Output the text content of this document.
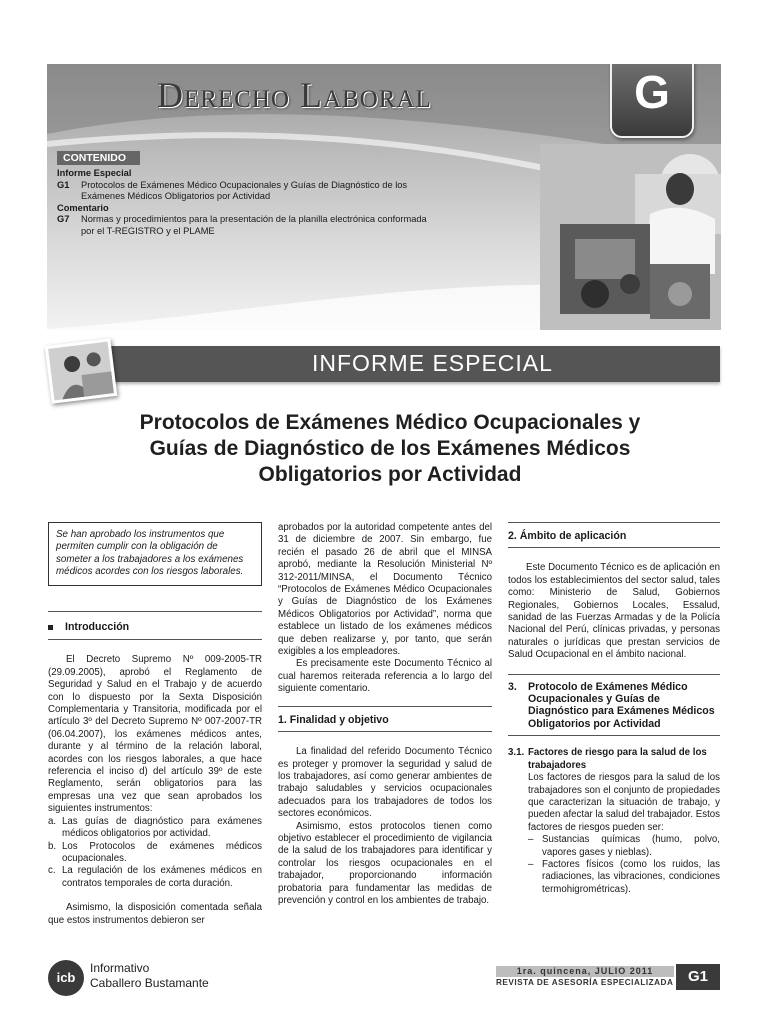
Derecho Laboral	G
CONTENIDO
Informe Especial
G1	Protocolos de Exámenes Médico Ocupacionales y Guías de Diagnóstico de los
Exámenes Médicos Obligatorios por Actividad
Comentario
G7	Normas y procedimientos para la presentación de la planilla electrónica conformada
por el T-REGISTRO y el PLAME
INFORME ESPECIAL
Protocolos de Exámenes Médico Ocupacionales y
Guías de Diagnóstico de los Exámenes Médicos
Obligatorios por Actividad
Se han aprobado los instrumentos que permiten cumplir con la obligación de someter a los trabajadores a los exámenes médicos acordes con los riesgos laborales.
Introducción

El Decreto Supremo Nº 009-2005-TR (29.09.2005), aprobó el Reglamento de Seguridad y Salud en el Trabajo y de acuerdo con lo dispuesto por la Sexta Disposición Complementaria y Transitoria, modificada por el artículo 3º del Decreto Supremo Nº 007-2007-TR (06.04.2007), los exámenes médicos antes, durante y al término de la relación laboral, acordes con los riesgos laborales, a que hace referencia el inciso d) del artículo 39º de este Reglamento, serán obligatorios para las empresas una vez que sean aprobados los siguientes instrumentos:

a. Las guías de diagnóstico para exámenes médicos obligatorios por actividad.
b. Los Protocolos de exámenes médicos ocupacionales.
c. La regulación de los exámenes médicos en contratos temporales de corta duración.

Asimismo, la disposición comentada señala que estos instrumentos debieron ser

aprobados por la autoridad competente antes del 31 de diciembre de 2007. Sin embargo, fue recién el pasado 26 de abril que el MINSA aprobó, mediante la Resolución Ministerial Nº 312-2011/MINSA, el Documento Técnico “Protocolos de Exámenes Médico Ocupacionales y Guías de Diagnóstico de los Exámenes Médicos Obligatorios por Actividad”, norma que establece un listado de los exámenes médicos que deben realizarse y, por tanto, que serán exigibles a los empleadores.

Es precisamente este Documento Técnico al cual haremos reiterada referencia a lo largo del siguiente comentario.

1. Finalidad y objetivo

La finalidad del referido Documento Técnico es proteger y promover la seguridad y salud de los trabajadores, así como generar ambientes de trabajo saludables y servicios ocupacionales adecuados para los trabajadores de todos los sectores económicos.

Asimismo, estos protocolos tienen como objetivo establecer el procedimiento de vigilancia de la salud de los trabajadores para identificar y controlar los riesgos ocupacionales en el trabajador, proporcionando información probatoria para fundamentar las medidas de prevención y control en los ambientes de trabajo.

2. Ámbito de aplicación

Este Documento Técnico es de aplicación en todos los establecimientos del sector salud, tales como: Ministerio de Salud, Gobiernos Regionales, Gobiernos Locales, Essalud, sanidad de las Fuerzas Armadas y de la Policía Nacional del Perú, clínicas privadas, y personas naturales o jurídicas que prestan servicios de Salud Ocupacional en el ámbito nacional.

3.	Protocolo de Exámenes Médico Ocupacionales y Guías de Diagnóstico para Exámenes Médicos Obligatorios por Actividad
3.1. Factores de riesgo para la salud de los trabajadores

Los factores de riesgos para la salud de los trabajadores son el conjunto de propiedades que caracterizan la situación de trabajo, y pueden afectar la salud del trabajador. Estos factores de riesgos pueden ser:

– Sustancias químicas (humo, polvo, vapores gases y nieblas).
– Factores físicos (como los ruidos, las radiaciones, las vibraciones, condiciones termohigrométricas).
icb
Informativo
Caballero Bustamante
1ra. quincena, JULIO 2011
REVISTA DE ASESORÍA ESPECIALIZADA G1
